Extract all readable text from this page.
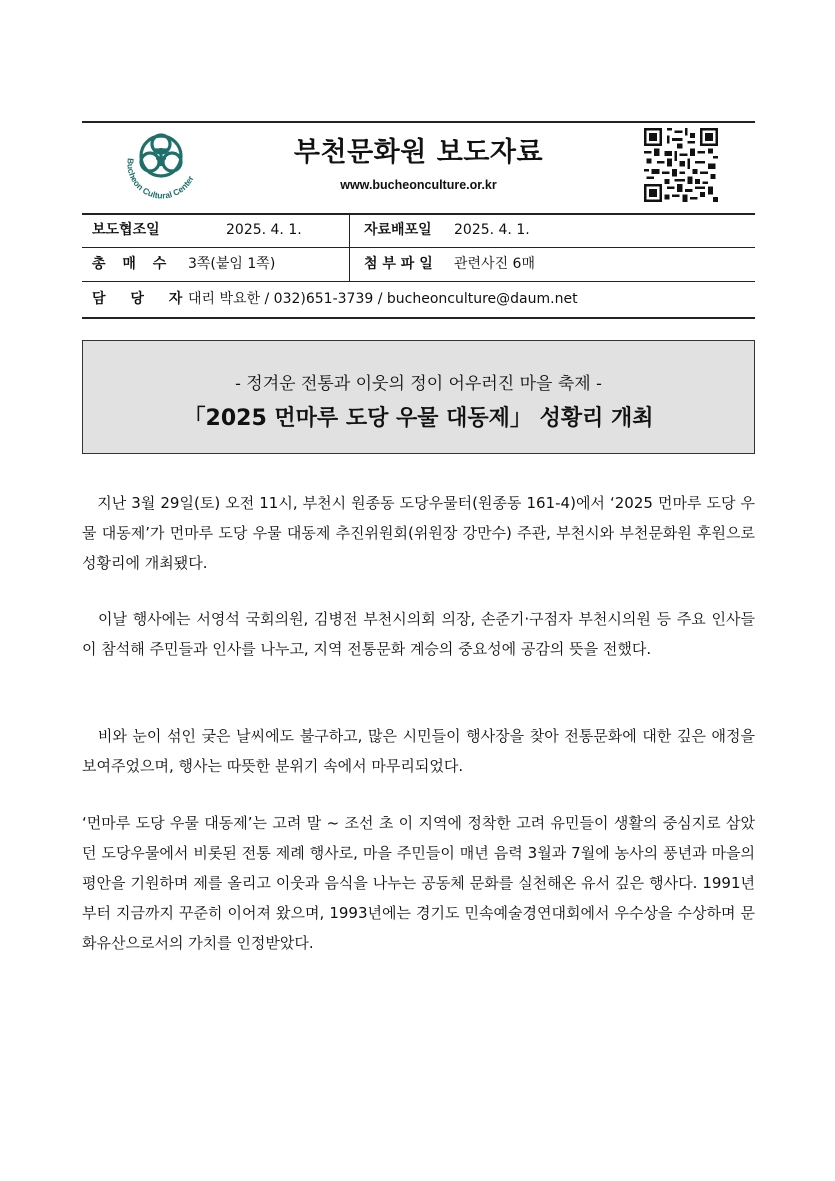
Bucheon Cultural Center
부천문화원 보도자료
www.bucheonculture.or.kr
보도협조일	2025. 4. 1.	자료배포일 2025. 4. 1.
총 매 수 3쪽(붙임 1쪽)	첨 부 파 일 관련사진 6매
담 당 자
대리 박요한 / 032)651-3739 / bucheonculture@daum.net
- 정겨운 전통과 이웃의 정이 어우러진 마을 축제 -
「2025 먼마루 도당 우물 대동제」 성황리 개최
　지난 3월 29일(토) 오전 11시, 부천시 원종동 도당우물터(원종동 161-4)에서 ‘2025 먼마루 도당 우물 대동제’가 먼마루 도당 우물 대동제 추진위원회(위원장 강만수) 주관, 부천시와 부천문화원 후원으로 성황리에 개최됐다.
　이날 행사에는 서영석 국회의원, 김병전 부천시의회 의장, 손준기·구점자 부천시의원 등 주요 인사들이 참석해 주민들과 인사를 나누고, 지역 전통문화 계승의 중요성에 공감의 뜻을 전했다.
　비와 눈이 섞인 궂은 날씨에도 불구하고, 많은 시민들이 행사장을 찾아 전통문화에 대한 깊은 애정을 보여주었으며, 행사는 따뜻한 분위기 속에서 마무리되었다.
‘먼마루 도당 우물 대동제’는 고려 말 ~ 조선 초 이 지역에 정착한 고려 유민들이 생활의 중심지로 삼았던 도당우물에서 비롯된 전통 제례 행사로, 마을 주민들이 매년 음력 3월과 7월에 농사의 풍년과 마을의 평안을 기원하며 제를 올리고 이웃과 음식을 나누는 공동체 문화를 실천해온 유서 깊은 행사다. 1991년부터 지금까지 꾸준히 이어져 왔으며, 1993년에는 경기도 민속예술경연대회에서 우수상을 수상하며 문화유산으로서의 가치를 인정받았다.
